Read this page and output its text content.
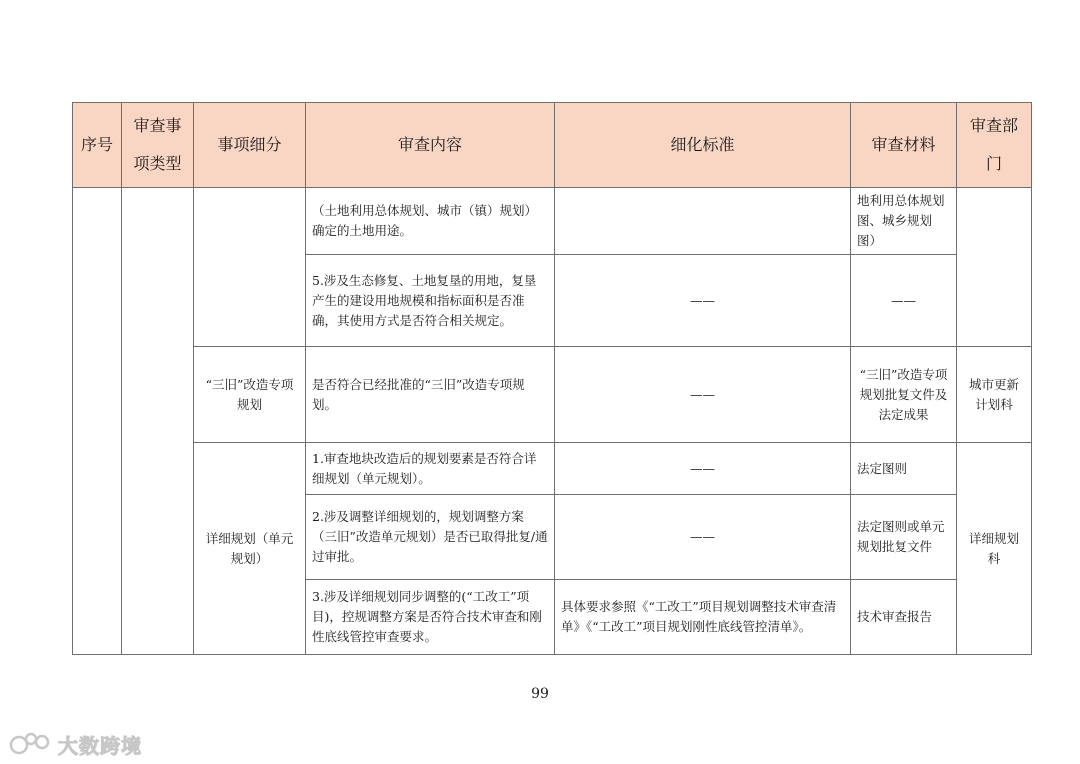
序号	审查事项类型	事项细分	审查内容	细化标准	审查材料	审查部门
			（土地利用总体规划、城市（镇）规划）确定的土地用途。		地利用总体规划图、城乡规划图）	
			5.涉及生态修复、土地复垦的用地，复垦产生的建设用地规模和指标面积是否准确，其使用方式是否符合相关规定。	——	——	
		“三旧”改造专项规划	是否符合已经批准的“三旧”改造专项规划。	——	“三旧”改造专项规划批复文件及法定成果	城市更新计划科
		详细规划（单元规划）	1.审查地块改造后的规划要素是否符合详细规划（单元规划）。	——	法定图则	详细规划科
			2.涉及调整详细规划的，规划调整方案（三旧”改造单元规划）是否已取得批复/通过审批。	——	法定图则或单元规划批复文件	
			3.涉及详细规划同步调整的(“工改工”项目)，控规调整方案是否符合技术审查和刚性底线管控审查要求。	具体要求参照《“工改工”项目规划调整技术审查清单》《“工改工”项目规划刚性底线管控清单》。	技术审查报告	
99
大数跨境
